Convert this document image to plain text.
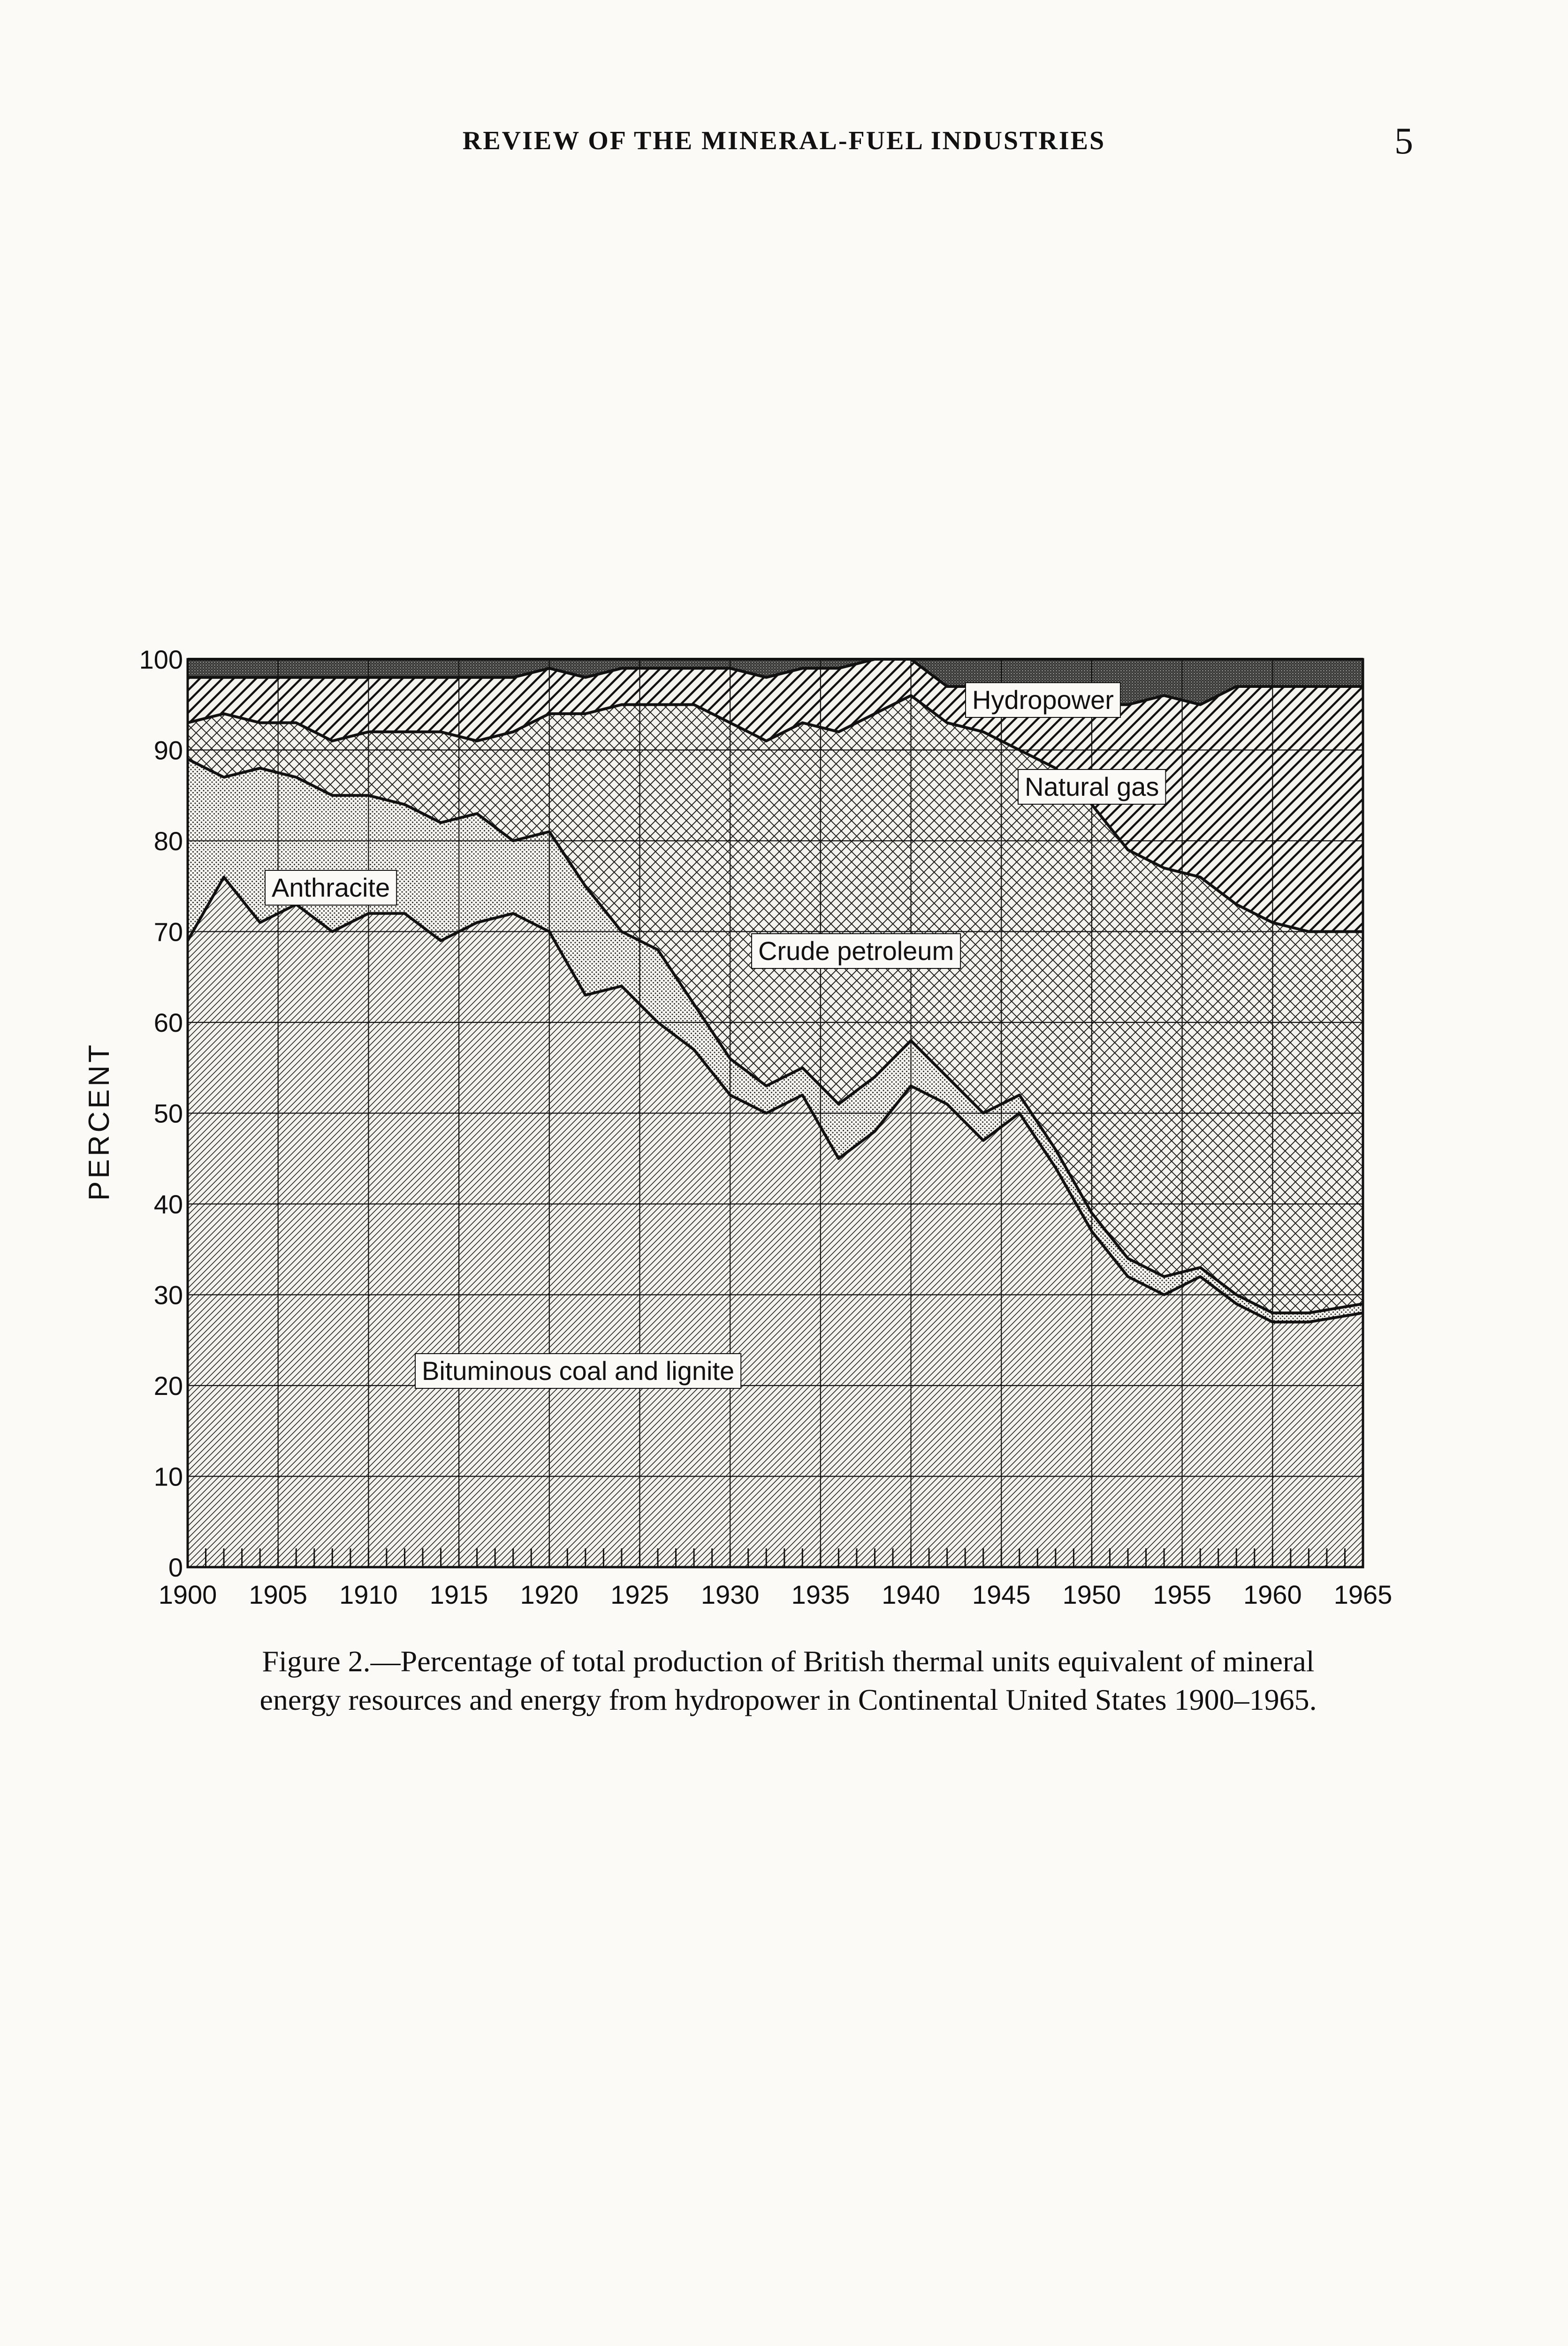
REVIEW OF THE MINERAL-FUEL INDUSTRIES	5
1900 1905 1910 1915 1920 1925 1930 1935 1940 1945 1950 1955 1960 1965
0
10
20
30
40
50
60
70
80
90
100
Hydropower
Natural gas
Crude petroleum
Anthracite
Bituminous coal and lignite
PERCENT
Figure 2.—Percentage of total production of British thermal units equivalent of mineral energy resources and energy from hydropower in Continental United States 1900–1965.
